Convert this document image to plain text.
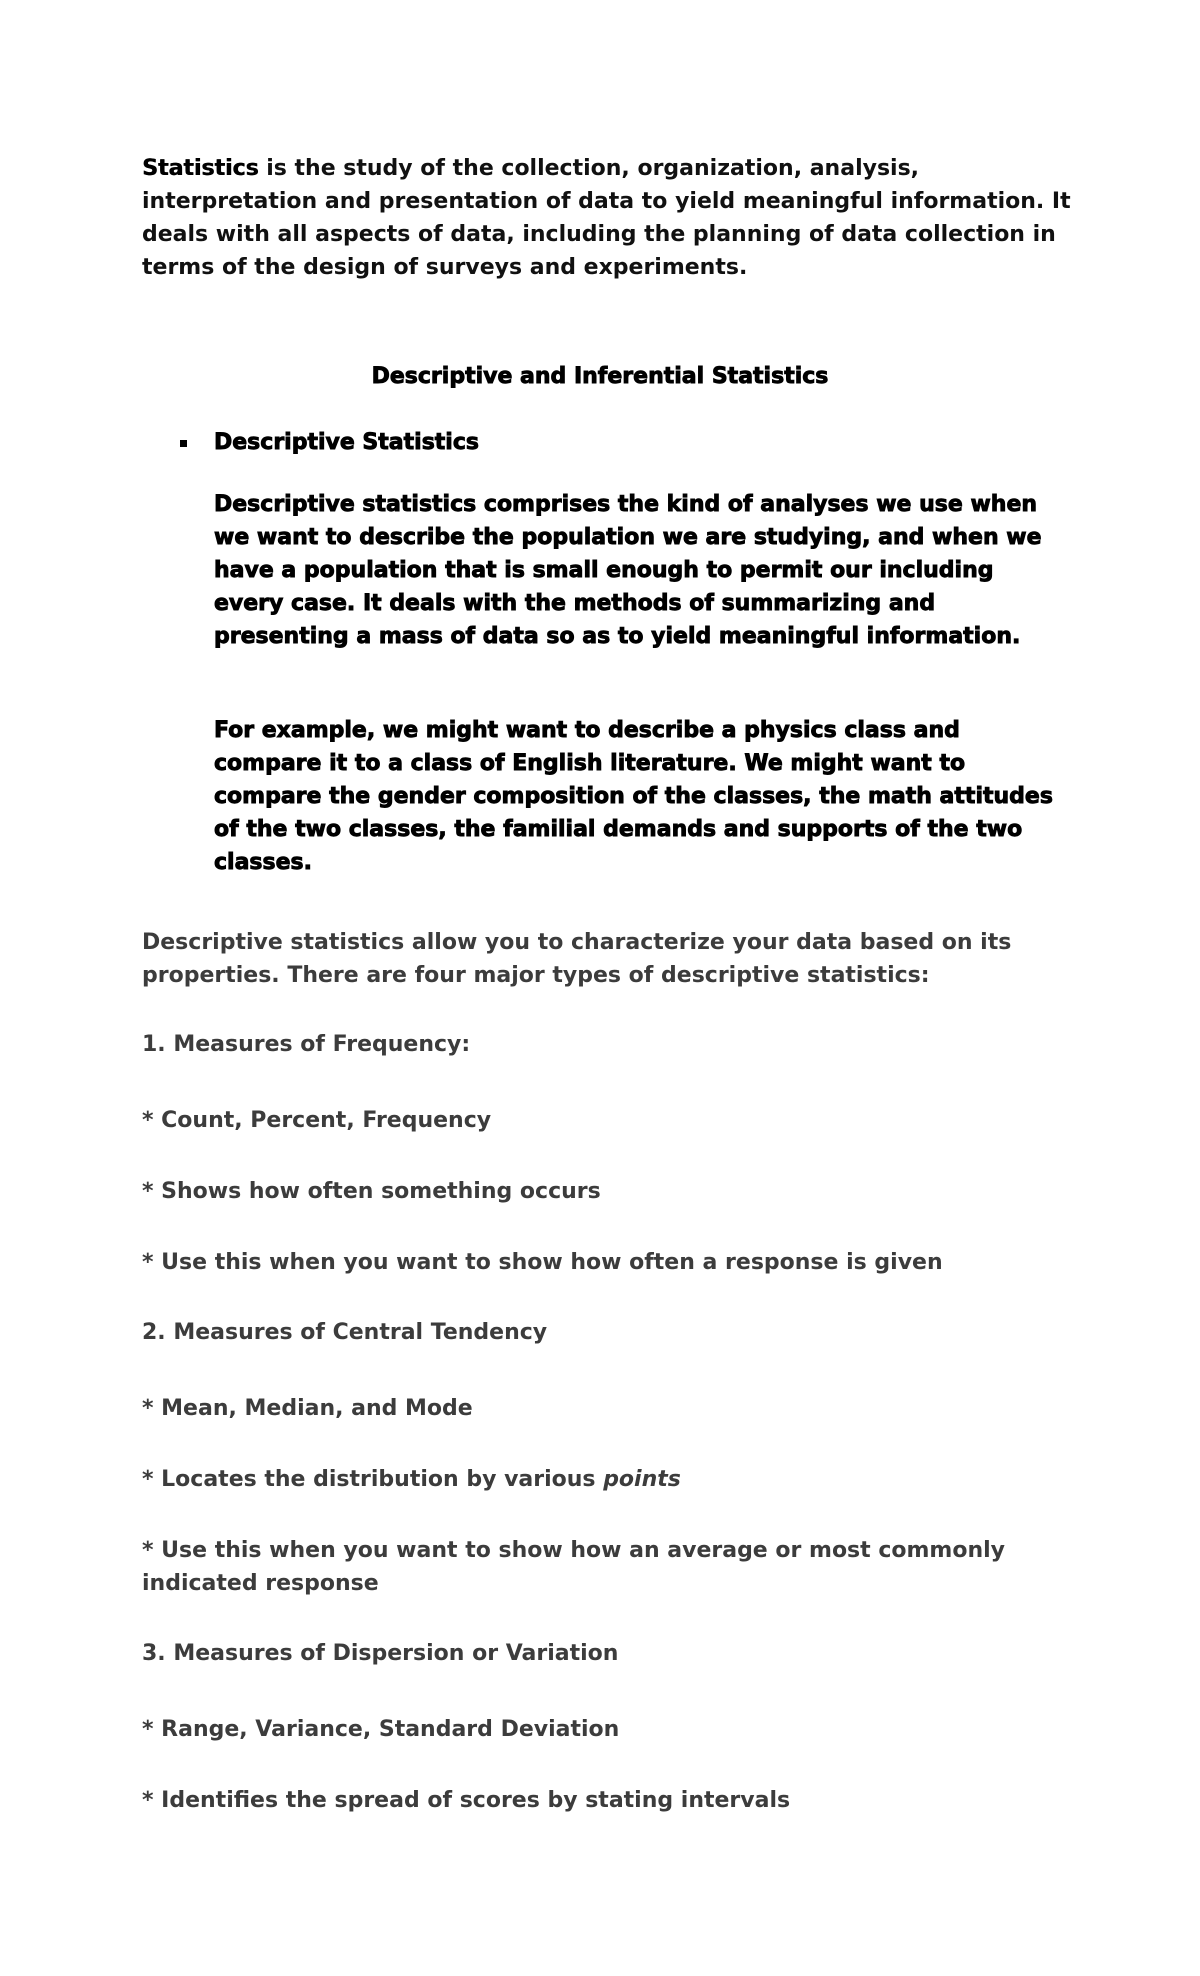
Statistics is the study of the collection, organization, analysis, interpretation and presentation of data to yield meaningful information. It deals with all aspects of data, including the planning of data collection in terms of the design of surveys and experiments.

Descriptive and Inferential Statistics

Descriptive Statistics

Descriptive statistics comprises the kind of analyses we use when we want to describe the population we are studying, and when we have a population that is small enough to permit our including every case. It deals with the methods of summarizing and presenting a mass of data so as to yield meaningful information.

For example, we might want to describe a physics class and compare it to a class of English literature. We might want to compare the gender composition of the classes, the math attitudes of the two classes, the familial demands and supports of the two classes.

Descriptive statistics allow you to characterize your data based on its properties. There are four major types of descriptive statistics:

1. Measures of Frequency:

* Count, Percent, Frequency

* Shows how often something occurs

* Use this when you want to show how often a response is given

2. Measures of Central Tendency

* Mean, Median, and Mode

* Locates the distribution by various points

* Use this when you want to show how an average or most commonly indicated response

3. Measures of Dispersion or Variation

* Range, Variance, Standard Deviation

* Identifies the spread of scores by stating intervals
